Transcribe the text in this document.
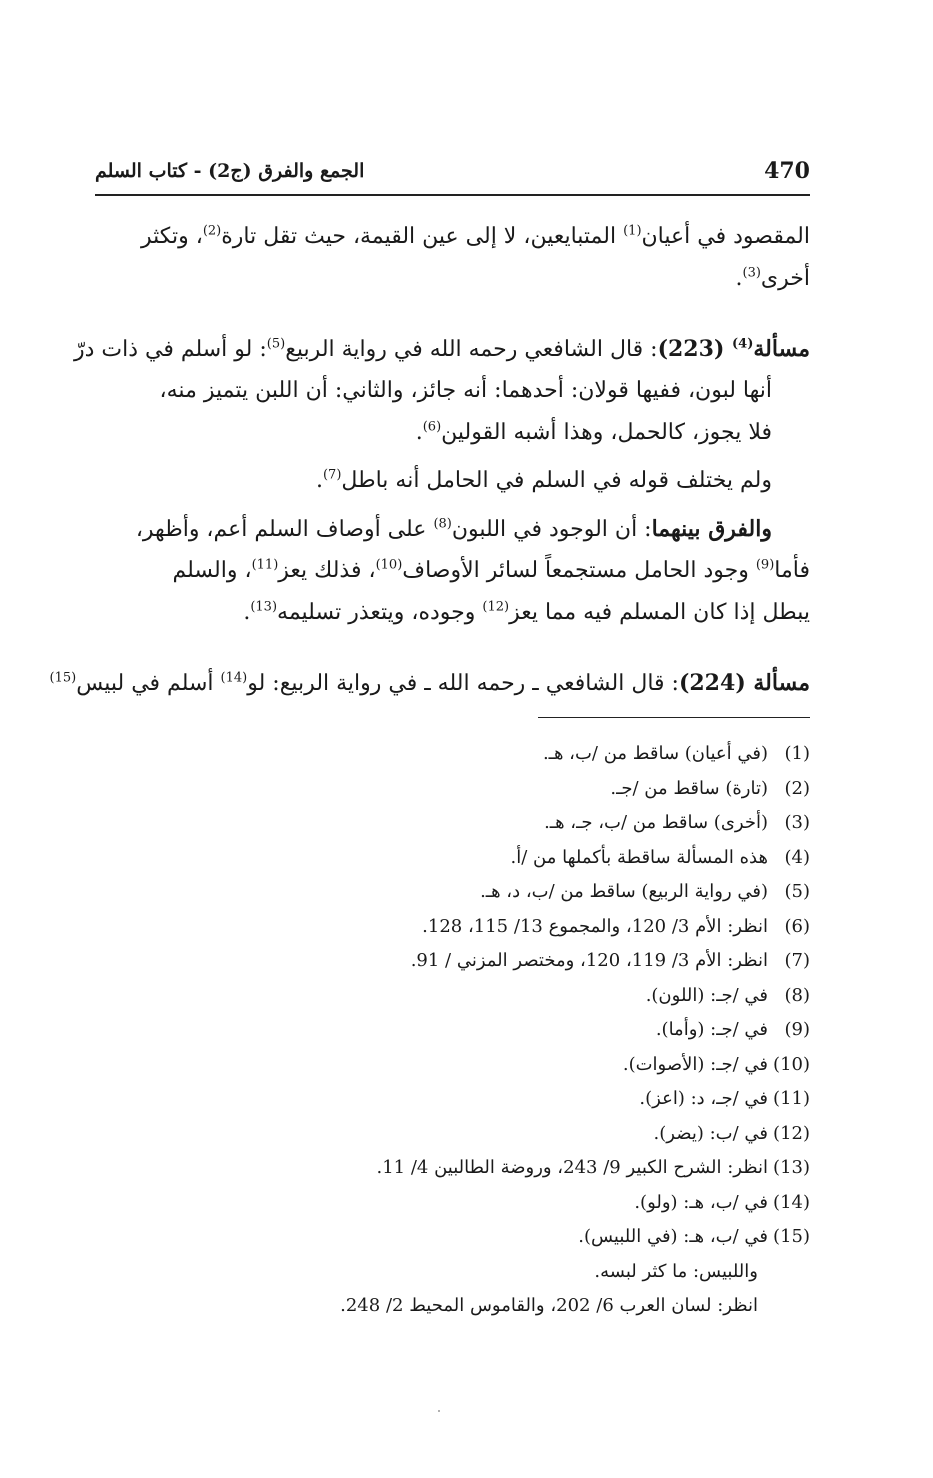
470
الجمع والفرق (ج2) - كتاب السلم
المقصود في أعيان$^{(1)}$ المتبايعين، لا إلى عين القيمة، حيث تقل تارة$^{(2)}$، وتكثر
أخرى$^{(3)}$.
مسألة$^{(4)}$ (223): قال الشافعي رحمه الله في رواية الربيع$^{(5)}$: لو أسلم في ذات درّ
أنها لبون، ففيها قولان: أحدهما: أنه جائز، والثاني: أن اللبن يتميز منه،
فلا يجوز، كالحمل، وهذا أشبه القولين$^{(6)}$.
ولم يختلف قوله في السلم في الحامل أنه باطل$^{(7)}$.
والفرق بينهما: أن الوجود في اللبون$^{(8)}$ على أوصاف السلم أعم، وأظهر،
فأما$^{(9)}$ وجود الحامل مستجمعاً لسائر الأوصاف$^{(10)}$، فذلك يعز$^{(11)}$، والسلم
يبطل إذا كان المسلم فيه مما يعز$^{(12)}$ وجوده، ويتعذر تسليمه$^{(13)}$.
مسألة (224): قال الشافعي ـ رحمه الله ـ في رواية الربيع: لو$^{(14)}$ أسلم في لبيس$^{(15)}$
(1)
(في أعيان) ساقط من /ب، هـ.
(2)
(تارة) ساقط من /جـ.
(3)
(أخرى) ساقط من /ب، جـ، هـ.
(4)
هذه المسألة ساقطة بأكملها من /أ.
(5)
(في رواية الربيع) ساقط من /ب، د، هـ.
(6)
انظر: الأم 3/ 120، والمجموع 13/ 115، 128.
(7)
انظر: الأم 3/ 119، 120، ومختصر المزني / 91.
(8)
في /جـ: (اللون).
(9)
في /جـ: (وأما).
(10)
في /جـ: (الأصوات).
(11)
في /جـ، د: (اعز).
(12)
في /ب: (يضر).
(13)
انظر: الشرح الكبير 9/ 243، وروضة الطالبين 4/ 11.
(14)
في /ب، هـ: (ولو).
(15)
في /ب، هـ: (في اللبيس).
واللبيس: ما كثر لبسه.
انظر: لسان العرب 6/ 202، والقاموس المحيط 2/ 248.
